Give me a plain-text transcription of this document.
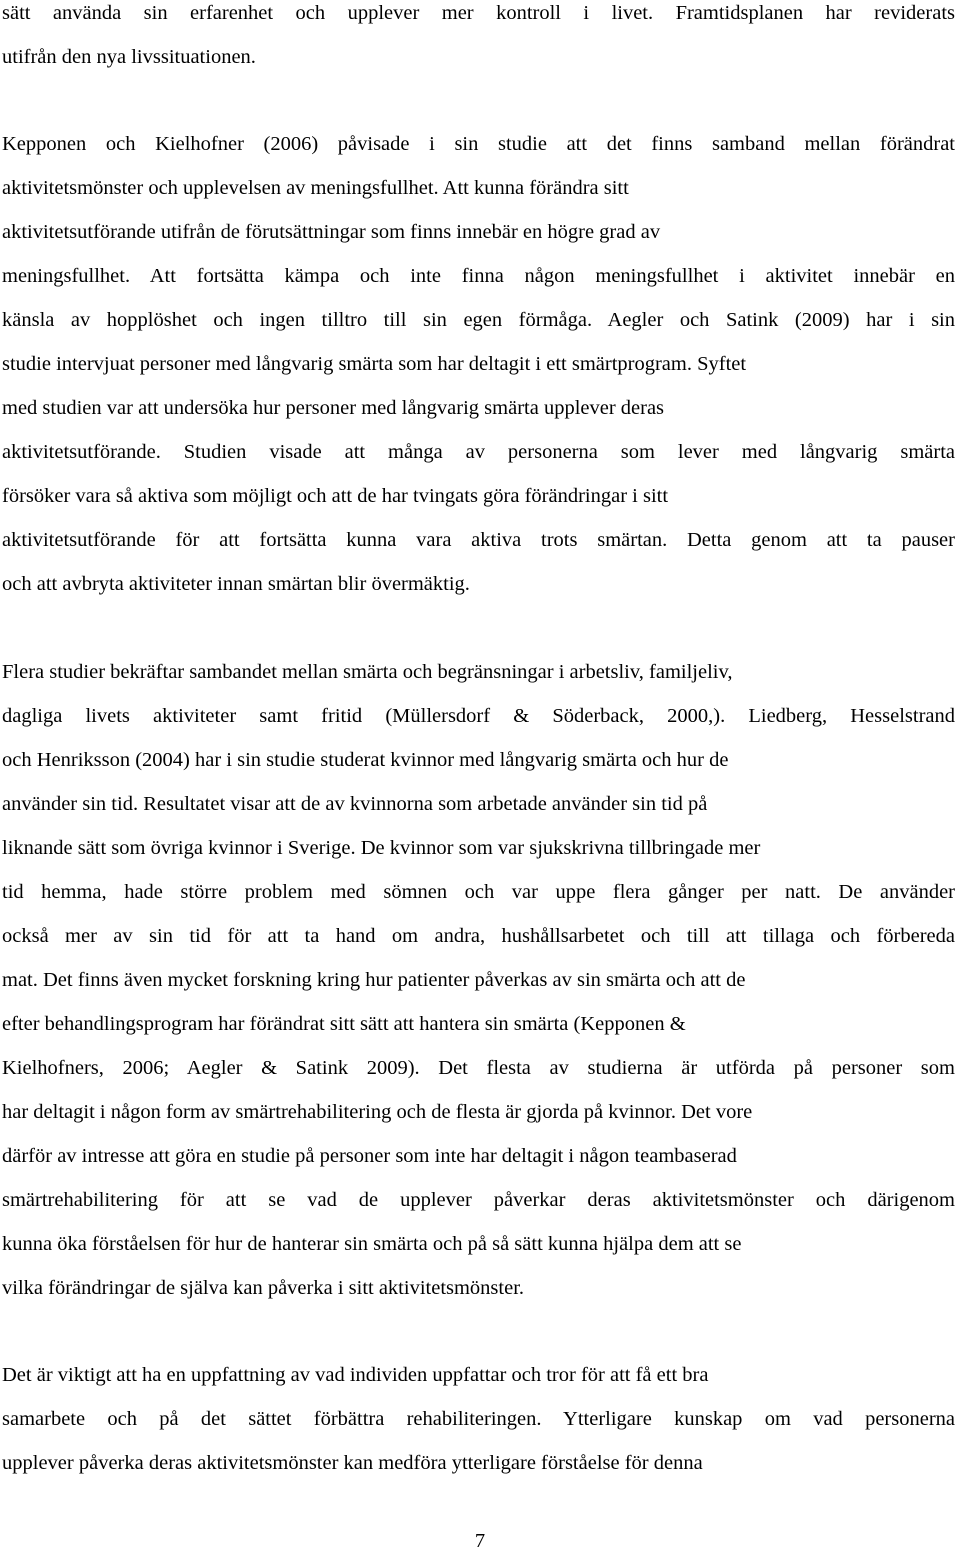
sätt använda sin erfarenhet och upplever mer kontroll i livet. Framtidsplanen har reviderats
utifrån den nya livssituationen.
Kepponen och Kielhofner (2006) påvisade i sin studie att det finns samband mellan förändrat
aktivitetsmönster och upplevelsen av meningsfullhet. Att kunna förändra sitt
aktivitetsutförande utifrån de förutsättningar som finns innebär en högre grad av
meningsfullhet. Att fortsätta kämpa och inte finna någon meningsfullhet i aktivitet innebär en
känsla av hopplöshet och ingen tilltro till sin egen förmåga. Aegler och Satink (2009) har i sin
studie intervjuat personer med långvarig smärta som har deltagit i ett smärtprogram. Syftet
med studien var att undersöka hur personer med långvarig smärta upplever deras
aktivitetsutförande. Studien visade att många av personerna som lever med långvarig smärta
försöker vara så aktiva som möjligt och att de har tvingats göra förändringar i sitt
aktivitetsutförande för att fortsätta kunna vara aktiva trots smärtan. Detta genom att ta pauser
och att avbryta aktiviteter innan smärtan blir övermäktig.
Flera studier bekräftar sambandet mellan smärta och begränsningar i arbetsliv, familjeliv,
dagliga livets aktiviteter samt fritid (Müllersdorf & Söderback, 2000,). Liedberg, Hesselstrand
och Henriksson (2004) har i sin studie studerat kvinnor med långvarig smärta och hur de
använder sin tid. Resultatet visar att de av kvinnorna som arbetade använder sin tid på
liknande sätt som övriga kvinnor i Sverige. De kvinnor som var sjukskrivna tillbringade mer
tid hemma, hade större problem med sömnen och var uppe flera gånger per natt. De använder
också mer av sin tid för att ta hand om andra, hushållsarbetet och till att tillaga och förbereda
mat. Det finns även mycket forskning kring hur patienter påverkas av sin smärta och att de
efter behandlingsprogram har förändrat sitt sätt att hantera sin smärta (Kepponen &
Kielhofners, 2006; Aegler & Satink 2009). Det flesta av studierna är utförda på personer som
har deltagit i någon form av smärtrehabilitering och de flesta är gjorda på kvinnor. Det vore
därför av intresse att göra en studie på personer som inte har deltagit i någon teambaserad
smärtrehabilitering för att se vad de upplever påverkar deras aktivitetsmönster och därigenom
kunna öka förståelsen för hur de hanterar sin smärta och på så sätt kunna hjälpa dem att se
vilka förändringar de själva kan påverka i sitt aktivitetsmönster.
Det är viktigt att ha en uppfattning av vad individen uppfattar och tror för att få ett bra
samarbete och på det sättet förbättra rehabiliteringen. Ytterligare kunskap om vad personerna
upplever påverka deras aktivitetsmönster kan medföra ytterligare förståelse för denna
7
